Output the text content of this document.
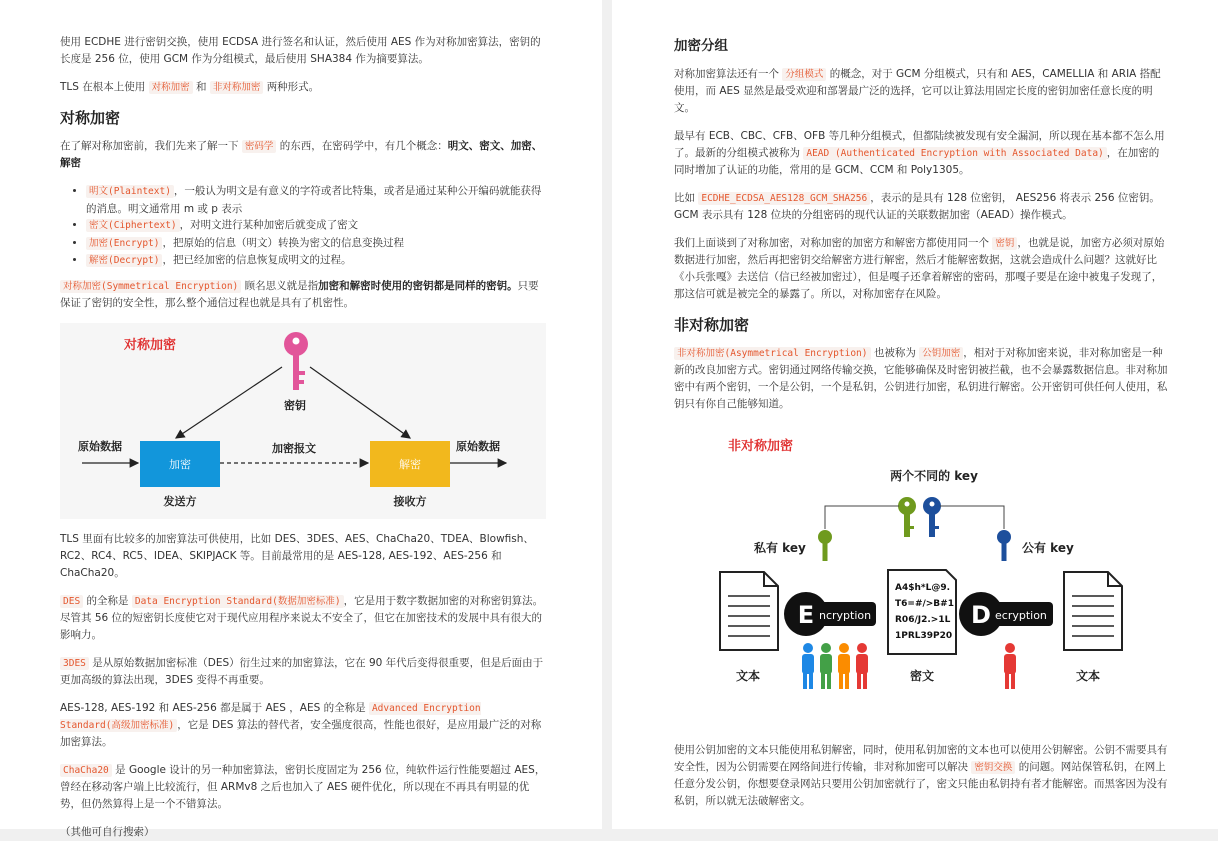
使用 ECDHE 进行密钥交换，使用 ECDSA 进行签名和认证，然后使用 AES 作为对称加密算法，密钥的长度是 256 位，使用 GCM 作为分组模式，最后使用 SHA384 作为摘要算法。

TLS 在根本上使用 对称加密 和 非对称加密 两种形式。

对称加密

在了解对称加密前，我们先来了解一下 密码学 的东西，在密码学中，有几个概念：明文、密文、加密、解密

• 明文(Plaintext) ，一般认为明文是有意义的字符或者比特集，或者是通过某种公开编码就能获得的消息。明文通常用 m 或 p 表示
• 密文(Ciphertext) ，对明文进行某种加密后就变成了密文
• 加密(Encrypt) ，把原始的信息（明文）转换为密文的信息变换过程
• 解密(Decrypt) ，把已经加密的信息恢复成明文的过程。

对称加密(Symmetrical Encryption) 顾名思义就是指加密和解密时使用的密钥都是同样的密钥。只要保证了密钥的安全性，那么整个通信过程也就是具有了机密性。

对称加密
密钥
原始数据
加密
加密报文
解密
原始数据
发送方	接收方

TLS 里面有比较多的加密算法可供使用，比如 DES、3DES、AES、ChaCha20、TDEA、Blowfish、RC2、RC4、RC5、IDEA、SKIPJACK 等。目前最常用的是 AES-128, AES-192、AES-256 和 ChaCha20。

DES 的全称是 Data Encryption Standard(数据加密标准) ，它是用于数字数据加密的对称密钥算法。尽管其 56 位的短密钥长度使它对于现代应用程序来说太不安全了，但它在加密技术的发展中具有很大的影响力。

3DES 是从原始数据加密标准（DES）衍生过来的加密算法，它在 90 年代后变得很重要，但是后面由于更加高级的算法出现，3DES 变得不再重要。

AES-128, AES-192 和 AES-256 都是属于 AES ，AES 的全称是 Advanced Encryption Standard(高级加密标准) ，它是 DES 算法的替代者，安全强度很高，性能也很好，是应用最广泛的对称加密算法。

ChaCha20 是 Google 设计的另一种加密算法，密钥长度固定为 256 位，纯软件运行性能要超过 AES，曾经在移动客户端上比较流行，但 ARMv8 之后也加入了 AES 硬件优化，所以现在不再具有明显的优势，但仍然算得上是一个不错算法。

（其他可自行搜索）

加密分组

对称加密算法还有一个 分组模式 的概念，对于 GCM 分组模式，只有和 AES，CAMELLIA 和 ARIA 搭配使用，而 AES 显然是最受欢迎和部署最广泛的选择，它可以让算法用固定长度的密钥加密任意长度的明文。

最早有 ECB、CBC、CFB、OFB 等几种分组模式，但都陆续被发现有安全漏洞，所以现在基本都不怎么用了。最新的分组模式被称为 AEAD (Authenticated Encryption with Associated Data) ，在加密的同时增加了认证的功能，常用的是 GCM、CCM 和 Poly1305。

比如 ECDHE_ECDSA_AES128_GCM_SHA256 ，表示的是具有 128 位密钥， AES256 将表示 256 位密钥。GCM 表示具有 128 位块的分组密码的现代认证的关联数据加密（AEAD）操作模式。

我们上面谈到了对称加密，对称加密的加密方和解密方都使用同一个 密钥 ，也就是说，加密方必须对原始数据进行加密，然后再把密钥交给解密方进行解密，然后才能解密数据，这就会造成什么问题？这就好比《小兵张嘎》去送信（信已经被加密过），但是嘎子还拿着解密的密码，那嘎子要是在途中被鬼子发现了，那这信可就是被完全的暴露了。所以，对称加密存在风险。

非对称加密

非对称加密(Asymmetrical Encryption) 也被称为 公钥加密 ，相对于对称加密来说，非对称加密是一种新的改良加密方式。密钥通过网络传输交换，它能够确保及时密钥被拦截，也不会暴露数据信息。非对称加密中有两个密钥，一个是公钥，一个是私钥，公钥进行加密，私钥进行解密。公开密钥可供任何人使用，私钥只有你自己能够知道。

非对称加密
两个不同的 key
私有 key	公有 key
E ncryption
A4$h*L@9.
T6=#/>B#1
R06/J2.>1L
1PRL39P20
D ecryption
文本	密文	文本

使用公钥加密的文本只能使用私钥解密，同时，使用私钥加密的文本也可以使用公钥解密。公钥不需要具有安全性，因为公钥需要在网络间进行传输，非对称加密可以解决 密钥交换 的问题。网站保管私钥，在网上任意分发公钥，你想要登录网站只要用公钥加密就行了，密文只能由私钥持有者才能解密。而黑客因为没有私钥，所以就无法破解密文。
